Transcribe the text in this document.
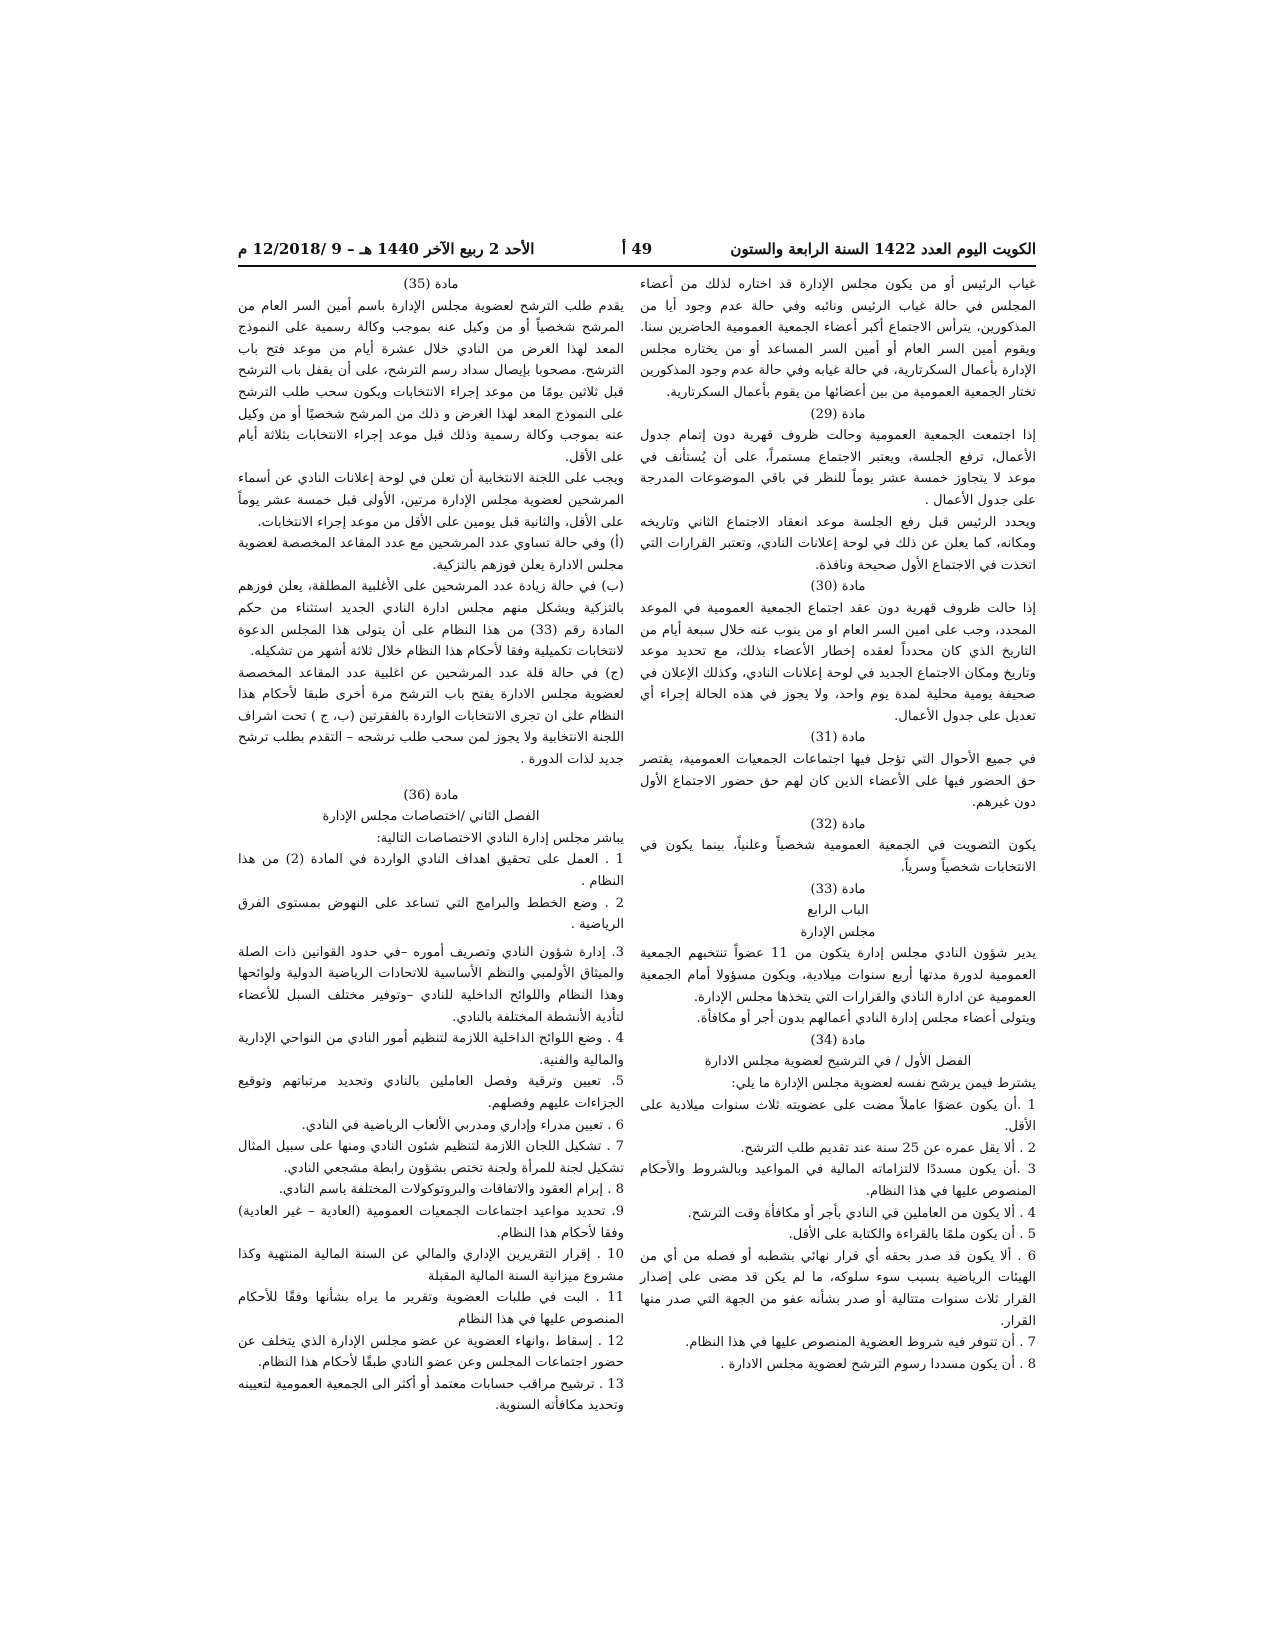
الكويت اليوم العدد 1422 السنة الرابعة والستون
49 أ
الأحد 2 ربيع الآخر 1440 هـ – 9 /12/2018 م

غياب الرئيس أو من يكون مجلس الإدارة قد اختاره لذلك من أعضاء المجلس في حالة غياب الرئيس ونائبه وفي حالة عدم وجود أيا من المذكورين، يترأس الاجتماع أكبر أعضاء الجمعية العمومية الحاضرين سنا. ويقوم أمين السر العام أو أمين السر المساعد أو من يختاره مجلس الإدارة بأعمال السكرتارية، في حالة غيابه وفي حالة عدم وجود المذكورين تختار الجمعية العمومية من بين أعضائها من يقوم بأعمال السكرتارية.

مادة (29)

إذا اجتمعت الجمعية العمومية وحالت ظروف قهرية دون إتمام جدول الأعمال، ترفع الجلسة، ويعتبر الاجتماع مستمراً، على أن يُستأنف في موعد لا يتجاوز خمسة عشر يوماً للنظر في باقي الموضوعات المدرجة على جدول الأعمال .

ويحدد الرئيس قبل رفع الجلسة موعد انعقاد الاجتماع الثاني وتاريخه ومكانه، كما يعلن عن ذلك في لوحة إعلانات النادي، وتعتبر القرارات التي اتخذت في الاجتماع الأول صحيحة ونافذة.

مادة (30)

إذا حالت ظروف قهرية دون عقد اجتماع الجمعية العمومية في الموعد المحدد، وجب على امين السر العام او من ينوب عنه خلال سبعة أيام من التاريخ الذي كان محدداً لعقده إخطار الأعضاء بذلك، مع تحديد موعد وتاريخ ومكان الاجتماع الجديد في لوحة إعلانات النادي، وكذلك الإعلان في صحيفة يومية محلية لمدة يوم واحد، ولا يجوز في هذه الحالة إجراء أي تعديل على جدول الأعمال.

مادة (31)

في جميع الأحوال التي تؤجل فيها اجتماعات الجمعيات العمومية، يقتصر حق الحضور فيها على الأعضاء الذين كان لهم حق حضور الاجتماع الأول دون غيرهم.

مادة (32)

يكون التصويت في الجمعية العمومية شخصياً وعلنياً، بينما يكون في الانتخابات شخصياً وسرياً.

مادة (33)

الباب الرابع

مجلس الإدارة

يدير شؤون النادي مجلس إدارة يتكون من 11 عضواً تنتخبهم الجمعية العمومية لدورة مدتها أربع سنوات ميلادية، ويكون مسؤولا أمام الجمعية العمومية عن ادارة النادي والقرارات التي يتخذها مجلس الإدارة.

ويتولى أعضاء مجلس إدارة النادي أعمالهم بدون أجر أو مكافأة.

مادة (34)

الفصل الأول / في الترشيح لعضوية مجلس الادارة

يشترط فيمن يرشح نفسه لعضوية مجلس الإدارة ما يلي:

1 .أن يكون عضوًا عاملاً مضت على عضويته ثلاث سنوات ميلادية على الأقل.

2 . ألا يقل عمره عن 25 سنة عند تقديم طلب الترشح.

3 .أن يكون مسددًا لالتزاماته المالية في المواعيد وبالشروط والأحكام المنصوص عليها في هذا النظام.

4 . ألا يكون من العاملين في النادي بأجر أو مكافأة وقت الترشح.

5 . أن يكون ملمًا بالقراءة والكتابة على الأقل.

6 . ألا يكون قد صدر بحقه أي قرار نهائي بشطبه أو فصله من أي من الهيئات الرياضية بسبب سوء سلوكه، ما لم يكن قد مضى على إصدار القرار ثلاث سنوات متتالية أو صدر بشأنه عفو من الجهة التي صدر منها القرار.

7 . أن تتوفر فيه شروط العضوية المنصوص عليها في هذا النظام.

8 . أن يكون مسددا رسوم الترشح لعضوية مجلس الادارة .

مادة (35)

يقدم طلب الترشح لعضوية مجلس الإدارة باسم أمين السر العام من المرشح شخصياً أو من وكيل عنه بموجب وكالة رسمية على النموذج المعد لهذا الغرض من النادي خلال عشرة أيام من موعد فتح باب الترشح. مصحوبا بإيصال سداد رسم الترشح، على أن يقفل باب الترشح قبل ثلاثين يومًا من موعد إجراء الانتخابات ويكون سحب طلب الترشح على النموذج المعد لهذا الغرض و ذلك من المرشح شخصيًا أو من وكيل عنه بموجب وكالة رسمية وذلك قبل موعد إجراء الانتخابات بثلاثة أيام على الأقل.

ويجب على اللجنة الانتخابية أن تعلن في لوحة إعلانات النادي عن أسماء المرشحين لعضوية مجلس الإدارة مرتين، الأولى قبل خمسة عشر يوماً على الأقل، والثانية قبل يومين على الأقل من موعد إجراء الانتخابات.

(أ) وفي حالة تساوي عدد المرشحين مع عدد المقاعد المخصصة لعضوية مجلس الادارة يعلن فوزهم بالتزكية.

(ب) في حالة زيادة عدد المرشحين على الأغلبية المطلقة، يعلن فوزهم بالتزكية ويشكل منهم مجلس ادارة النادي الجديد استثناء من حكم المادة رقم (33) من هذا النظام على أن يتولى هذا المجلس الدعوة لانتخابات تكميلية وفقا لأحكام هذا النظام خلال ثلاثة أشهر من تشكيله.

(ج) في حالة قلة عدد المرشحين عن اغلبية عدد المقاعد المخصصة لعضوية مجلس الادارة يفتح باب الترشح مرة أخرى طبقا لأحكام هذا النظام على ان تجرى الانتخابات الواردة بالفقرتين (ب، ج ) تحت اشراف اللجنة الانتخابية ولا يجوز لمن سحب طلب ترشحه – التقدم بطلب ترشح جديد لذات الدورة .

مادة (36)

الفصل الثاني /اختصاصات مجلس الإدارة

يباشر مجلس إدارة النادي الاختصاصات التالية:

1 . العمل على تحقيق اهداف النادي الواردة في المادة (2) من هذا النظام .

2 . وضع الخطط والبرامج التي تساعد على النهوض بمستوى الفرق الرياضية .

3. إدارة شؤون النادي وتصريف أموره –في حدود القوانين ذات الصلة والميثاق الأولمبي والنظم الأساسية للاتحادات الرياضية الدولية ولوائحها وهذا النظام واللوائح الداخلية للنادي –وتوفير مختلف السبل للأعضاء لتأدية الأنشطة المختلفة بالنادي.

4 . وضع اللوائح الداخلية اللازمة لتنظيم أمور النادي من النواحي الإدارية والمالية والفنية.

5. تعيين وترقية وفصل العاملين بالنادي وتحديد مرتباتهم وتوقيع الجزاءات عليهم وفصلهم.

6 . تعيين مدراء وإداري ومدربي الألعاب الرياضية في النادي.

7 . تشكيل اللجان اللازمة لتنظيم شئون النادي ومنها على سبيل المثال تشكيل لجنة للمرأة ولجنة تختص بشؤون رابطة مشجعي النادي.

8 . إبرام العقود والاتفاقات والبروتوكولات المختلفة باسم النادي.

9. تحديد مواعيد اجتماعات الجمعيات العمومية (العادية – غير العادية) وفقا لأحكام هذا النظام.

10 . إقرار التقريرين الإداري والمالي عن السنة المالية المنتهية وكذا مشروع ميزانية السنة المالية المقبلة

11 . البت في طلبات العضوية وتقرير ما يراه بشأنها وفقًا للأحكام المنصوص عليها في هذا النظام

12 . إسقاط ،وانهاء العضوية عن عضو مجلس الإدارة الذي يتخلف عن حضور اجتماعات المجلس وعن عضو النادي طبقًا لأحكام هذا النظام.

13 . ترشيح مراقب حسابات معتمد أو أكثر الى الجمعية العمومية لتعيينه وتحديد مكافأته السنوية.
